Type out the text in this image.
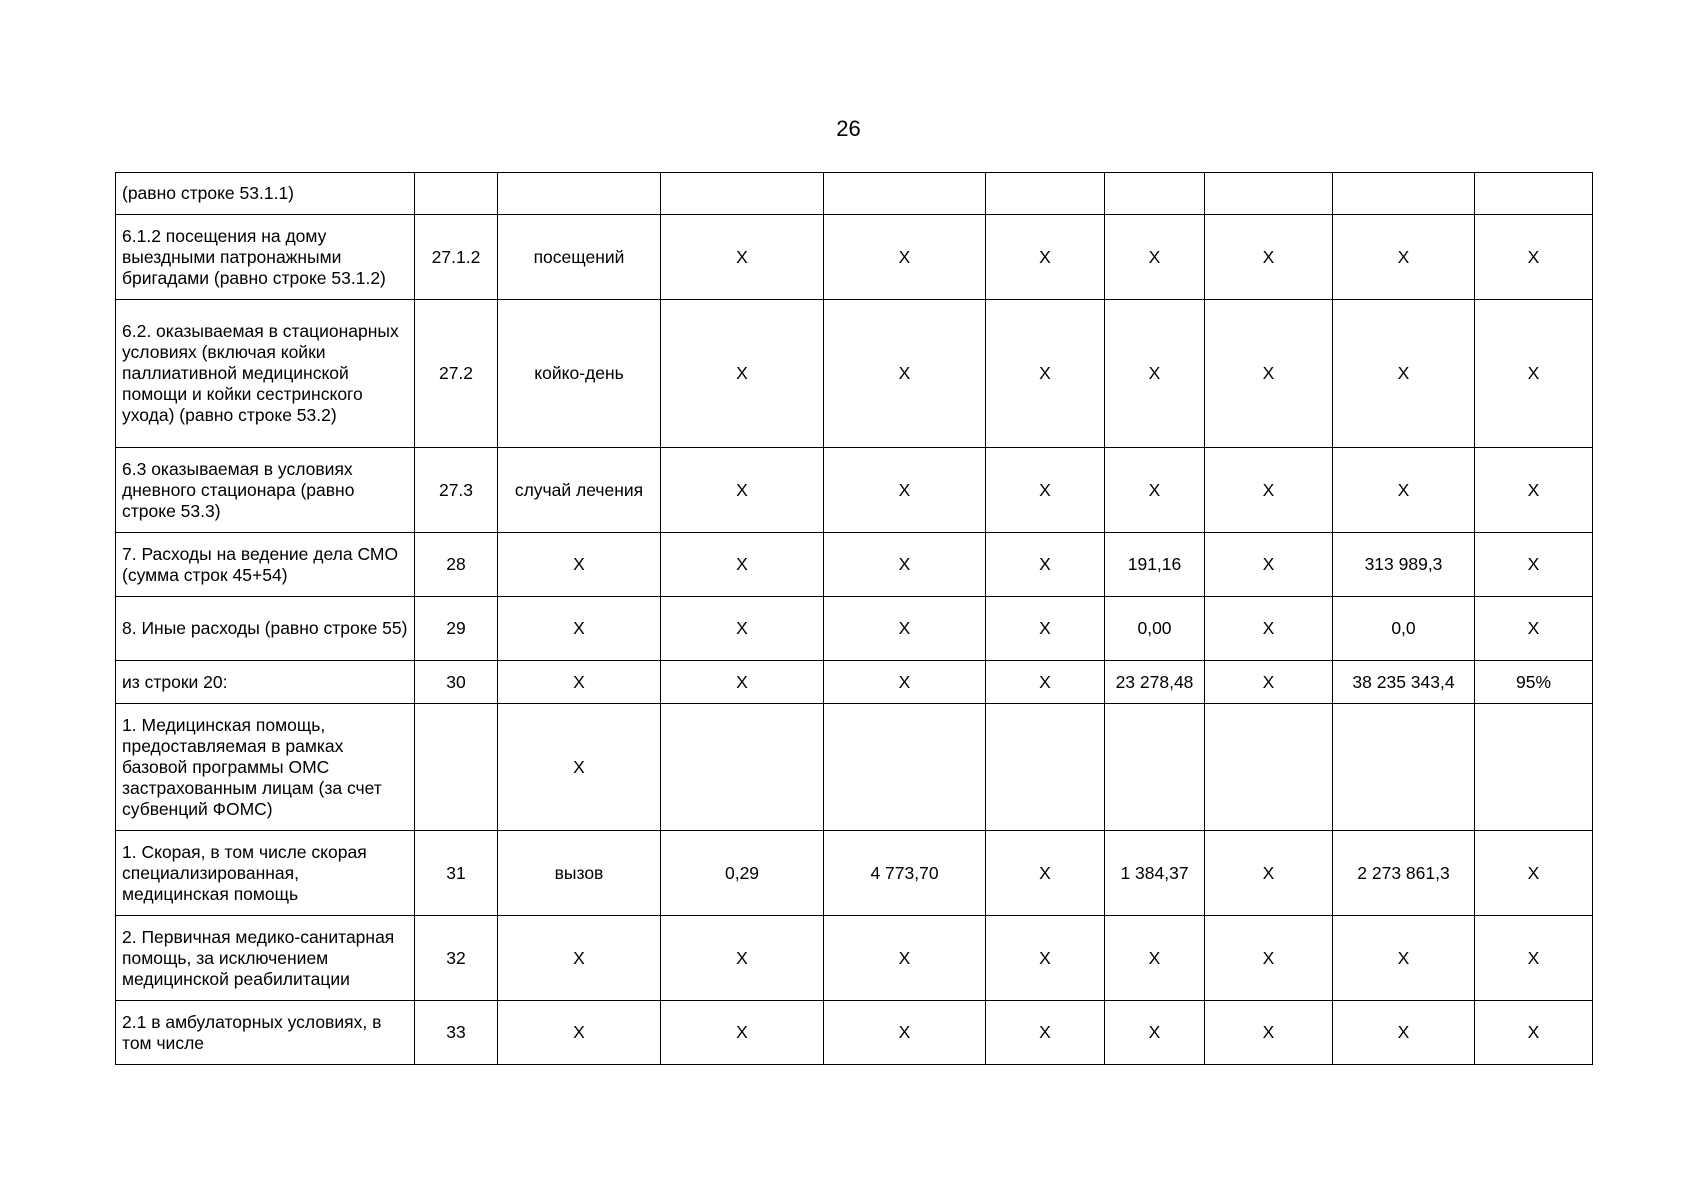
26
(равно строке 53.1.1)									
6.1.2 посещения на дому выездными патронажными бригадами (равно строке 53.1.2)	27.1.2	посещений	X	X	X	X	X	X	X
6.2. оказываемая в стационарных условиях (включая койки паллиативной медицинской помощи и койки сестринского ухода) (равно строке 53.2)	27.2	койко-день	X	X	X	X	X	X	X
6.3 оказываемая в условиях дневного стационара (равно строке 53.3)	27.3	случай лечения	X	X	X	X	X	X	X
7. Расходы на ведение дела СМО (сумма строк 45+54)	28	X	X	X	X	191,16	X	313 989,3	X
8. Иные расходы (равно строке 55)	29	X	X	X	X	0,00	X	0,0	X
из строки 20:	30	X	X	X	X	23 278,48	X	38 235 343,4	95%
1. Медицинская помощь, предоставляемая в рамках базовой программы ОМС застрахованным лицам (за счет субвенций ФОМС)		X							
1. Скорая, в том числе скорая специализированная, медицинская помощь	31	вызов	0,29	4 773,70	X	1 384,37	X	2 273 861,3	X
2. Первичная медико-санитарная помощь, за исключением медицинской реабилитации	32	X	X	X	X	X	X	X	X
2.1 в амбулаторных условиях, в том числе	33	X	X	X	X	X	X	X	X
